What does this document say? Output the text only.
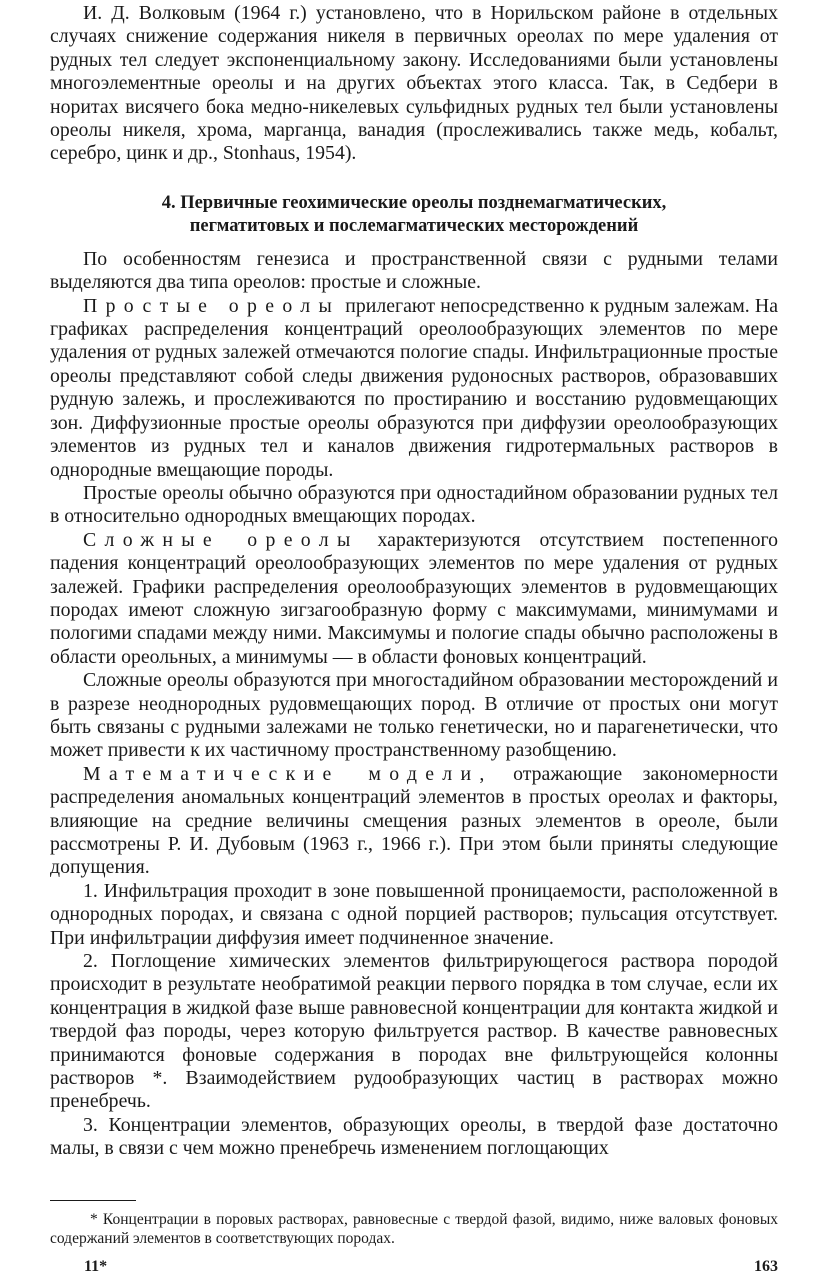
И. Д. Волковым (1964 г.) установлено, что в Норильском районе в отдельных случаях снижение содержания никеля в первичных ореолах по мере удаления от рудных тел следует экспоненциальному закону. Исследованиями были установлены многоэлементные ореолы и на других объектах этого класса. Так, в Седбери в норитах висячего бока медно-никелевых сульфидных рудных тел были установлены ореолы никеля, хрома, марганца, ванадия (прослеживались также медь, кобальт, серебро, цинк и др., Stonhaus, 1954).

4. Первичные геохимические ореолы позднемагматических,
пегматитовых и послемагматических месторождений

По особенностям генезиса и пространственной связи с рудными телами выделяются два типа ореолов: простые и сложные.

Простые ореолы прилегают непосредственно к рудным залежам. На графиках распределения концентраций ореолообразующих элементов по мере удаления от рудных залежей отмечаются пологие спады. Инфильтрационные простые ореолы представляют собой следы движения рудоносных растворов, образовавших рудную залежь, и прослеживаются по простиранию и восстанию рудовмещающих зон. Диффузионные простые ореолы образуются при диффузии ореолообразующих элементов из рудных тел и каналов движения гидротермальных растворов в однородные вмещающие породы.

Простые ореолы обычно образуются при одностадийном образовании рудных тел в относительно однородных вмещающих породах.

Сложные ореолы характеризуются отсутствием постепенного падения концентраций ореолообразующих элементов по мере удаления от рудных залежей. Графики распределения ореолообразующих элементов в рудовмещающих породах имеют сложную зигзагообразную форму с максимумами, минимумами и пологими спадами между ними. Максимумы и пологие спады обычно расположены в области ореольных, а минимумы — в области фоновых концентраций.

Сложные ореолы образуются при многостадийном образовании месторождений и в разрезе неоднородных рудовмещающих пород. В отличие от простых они могут быть связаны с рудными залежами не только генетически, но и парагенетически, что может привести к их частичному пространственному разобщению.

Математические модели, отражающие закономерности распределения аномальных концентраций элементов в простых ореолах и факторы, влияющие на средние величины смещения разных элементов в ореоле, были рассмотрены Р. И. Дубовым (1963 г., 1966 г.). При этом были приняты следующие допущения.

1. Инфильтрация проходит в зоне повышенной проницаемости, расположенной в однородных породах, и связана с одной порцией растворов; пульсация отсутствует. При инфильтрации диффузия имеет подчиненное значение.

2. Поглощение химических элементов фильтрирующегося раствора породой происходит в результате необратимой реакции первого порядка в том случае, если их концентрация в жидкой фазе выше равновесной концентрации для контакта жидкой и твердой фаз породы, через которую фильтруется раствор. В качестве равновесных принимаются фоновые содержания в породах вне фильтрующейся колонны растворов *. Взаимодействием рудообразующих частиц в растворах можно пренебречь.

3. Концентрации элементов, образующих ореолы, в твердой фазе достаточно малы, в связи с чем можно пренебречь изменением поглощающих

* Концентрации в поровых растворах, равновесные с твердой фазой, видимо, ниже валовых фоновых содержаний элементов в соответствующих породах.

11*	163
